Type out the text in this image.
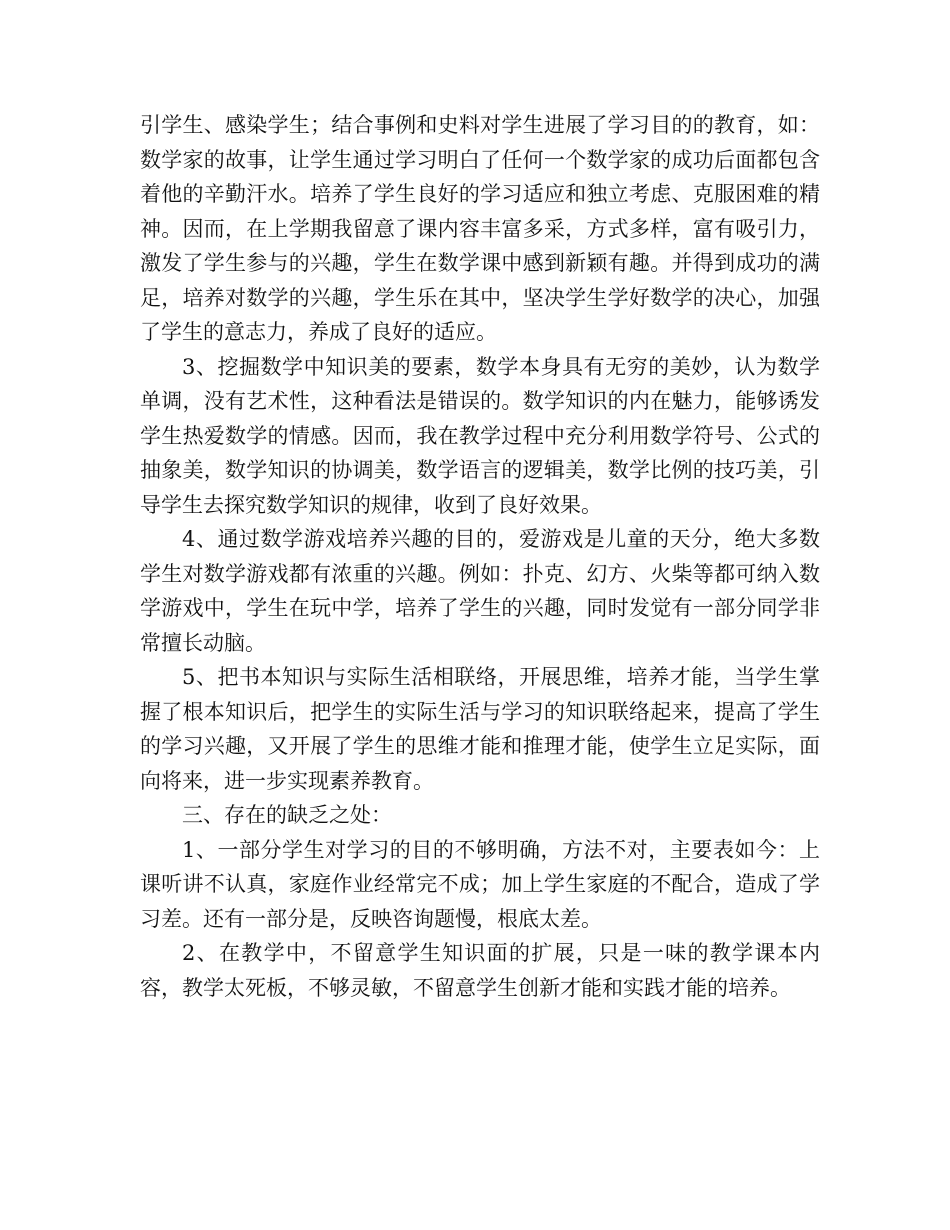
引学生、感染学生；结合事例和史料对学生进展了学习目的的教育，如：数学家的故事，让学生通过学习明白了任何一个数学家的成功后面都包含着他的辛勤汗水。培养了学生良好的学习适应和独立考虑、克服困难的精神。因而，在上学期我留意了课内容丰富多采，方式多样，富有吸引力，激发了学生参与的兴趣，学生在数学课中感到新颖有趣。并得到成功的满足，培养对数学的兴趣，学生乐在其中，坚决学生学好数学的决心，加强了学生的意志力，养成了良好的适应。

3、挖掘数学中知识美的要素，数学本身具有无穷的美妙，认为数学单调，没有艺术性，这种看法是错误的。数学知识的内在魅力，能够诱发学生热爱数学的情感。因而，我在教学过程中充分利用数学符号、公式的抽象美，数学知识的协调美，数学语言的逻辑美，数学比例的技巧美，引导学生去探究数学知识的规律，收到了良好效果。

4、通过数学游戏培养兴趣的目的，爱游戏是儿童的天分，绝大多数学生对数学游戏都有浓重的兴趣。例如：扑克、幻方、火柴等都可纳入数学游戏中，学生在玩中学，培养了学生的兴趣，同时发觉有一部分同学非常擅长动脑。

5、把书本知识与实际生活相联络，开展思维，培养才能，当学生掌握了根本知识后，把学生的实际生活与学习的知识联络起来，提高了学生的学习兴趣，又开展了学生的思维才能和推理才能，使学生立足实际，面向将来，进一步实现素养教育。

三、存在的缺乏之处：

1、一部分学生对学习的目的不够明确，方法不对，主要表如今：上课听讲不认真，家庭作业经常完不成；加上学生家庭的不配合，造成了学习差。还有一部分是，反映咨询题慢，根底太差。

2、在教学中，不留意学生知识面的扩展，只是一味的教学课本内容，教学太死板，不够灵敏，不留意学生创新才能和实践才能的培养。
